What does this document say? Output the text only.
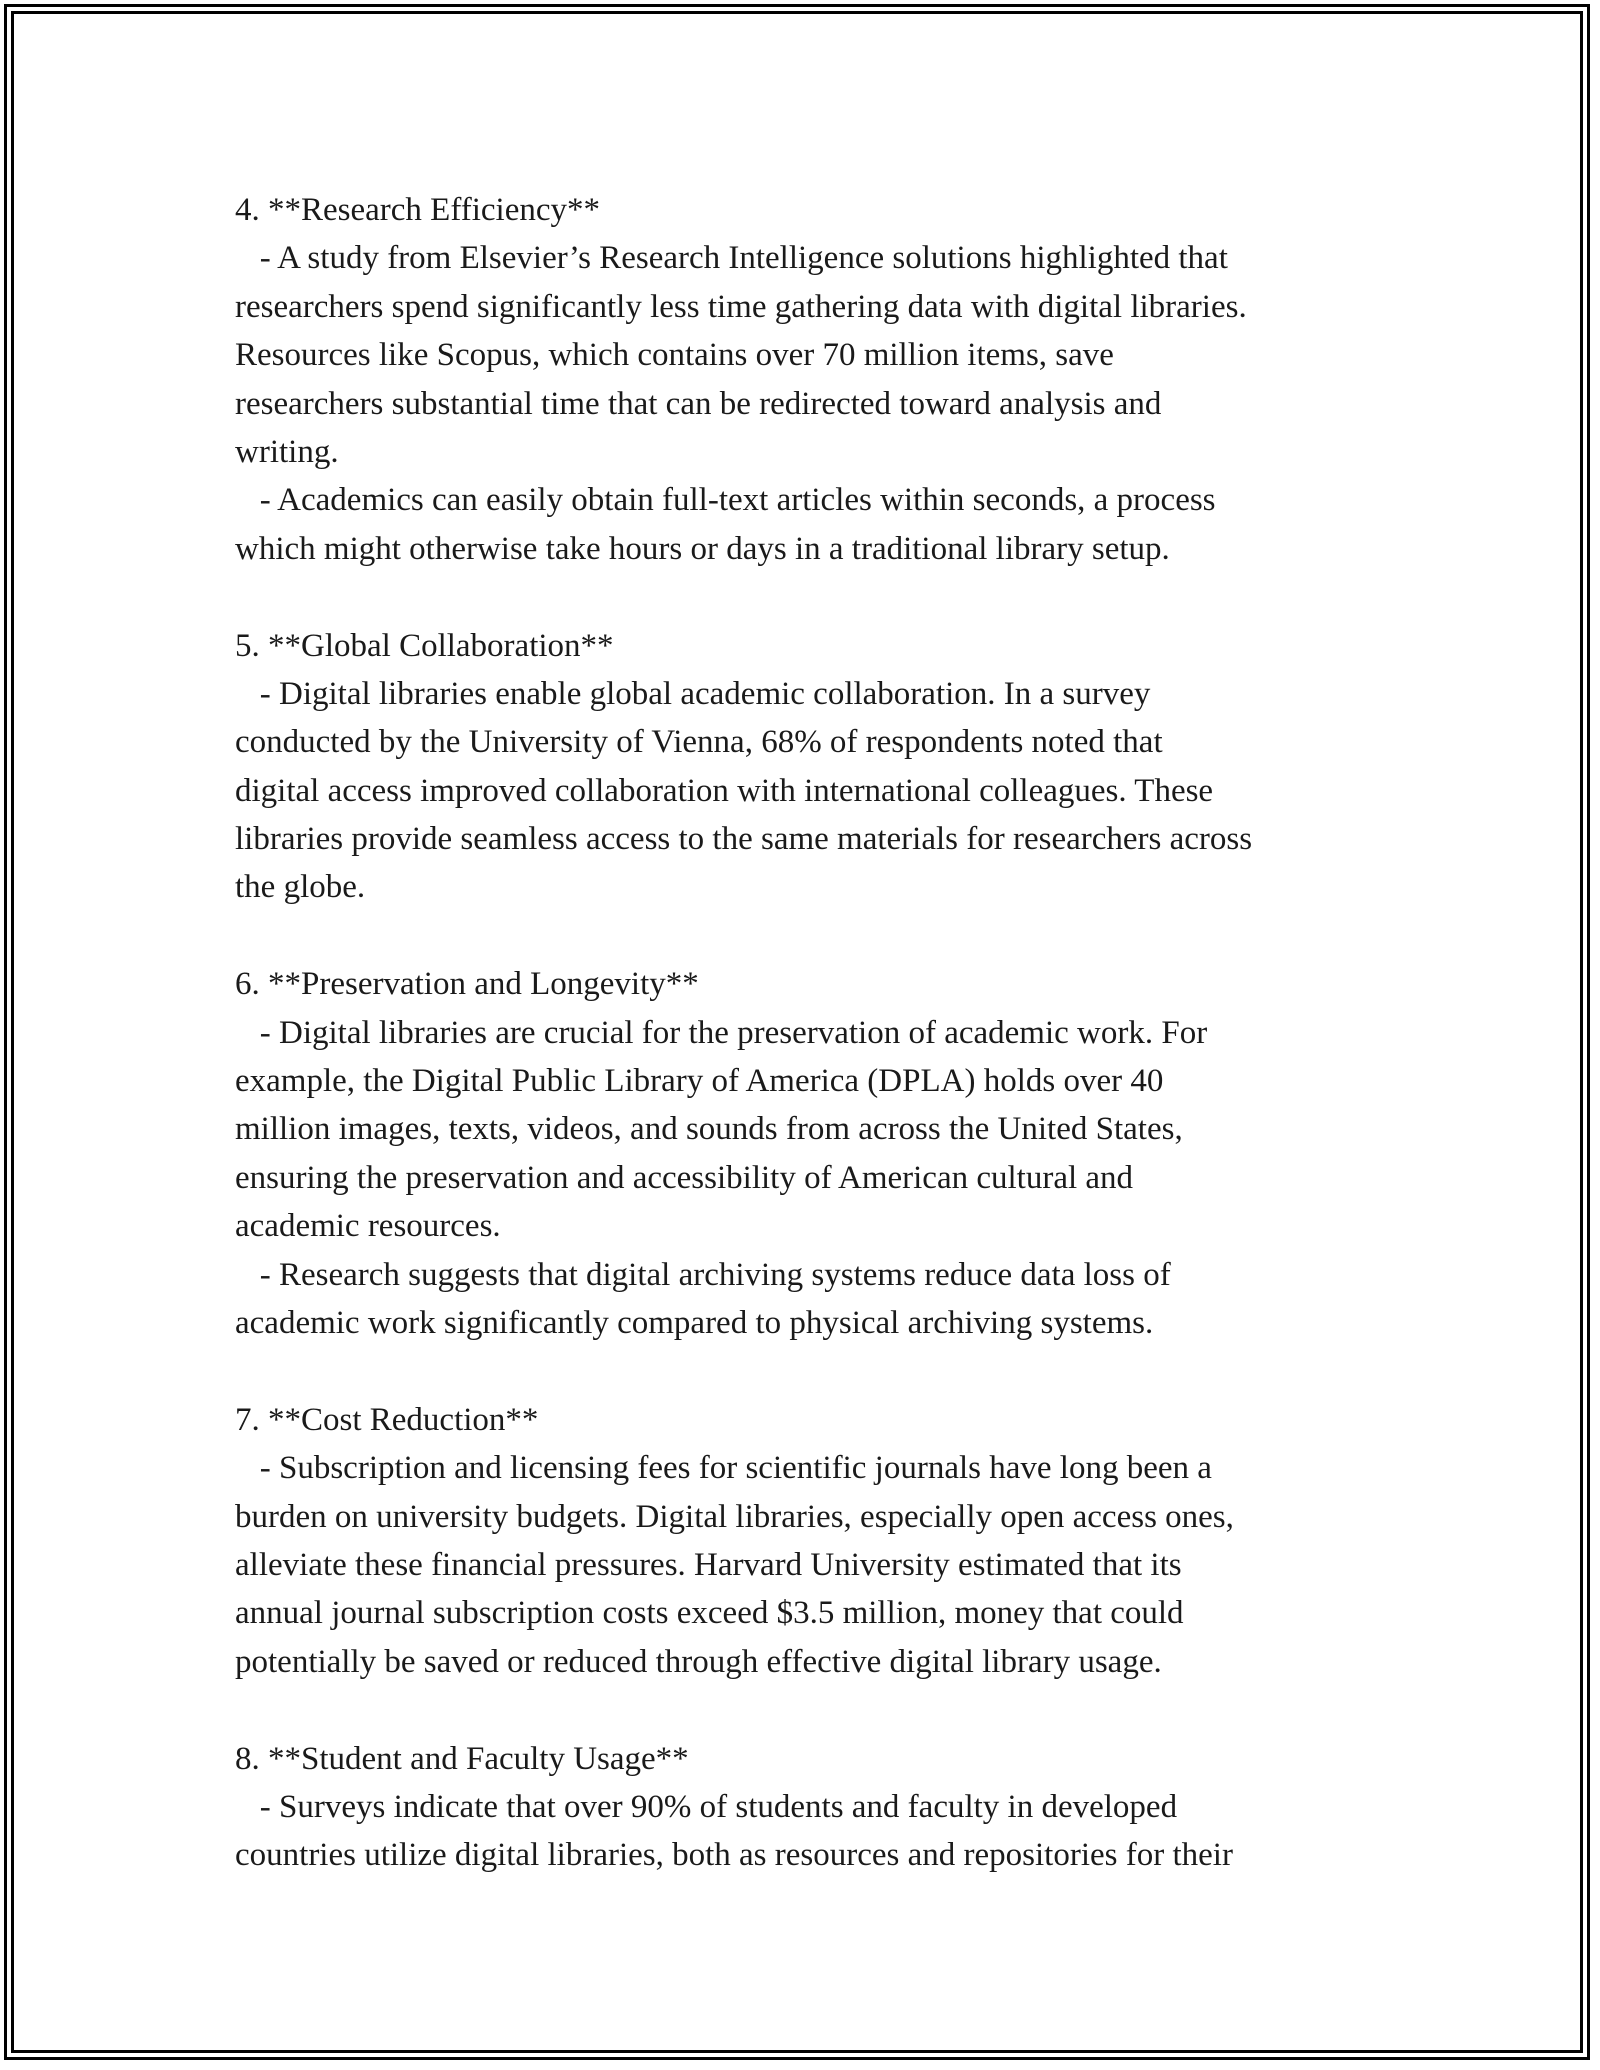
4. **Research Efficiency**
- A study from Elsevier’s Research Intelligence solutions highlighted that
researchers spend significantly less time gathering data with digital libraries.
Resources like Scopus, which contains over 70 million items, save
researchers substantial time that can be redirected toward analysis and
writing.
- Academics can easily obtain full-text articles within seconds, a process
which might otherwise take hours or days in a traditional library setup.
5. **Global Collaboration**
- Digital libraries enable global academic collaboration. In a survey
conducted by the University of Vienna, 68% of respondents noted that
digital access improved collaboration with international colleagues. These
libraries provide seamless access to the same materials for researchers across
the globe.
6. **Preservation and Longevity**
- Digital libraries are crucial for the preservation of academic work. For
example, the Digital Public Library of America (DPLA) holds over 40
million images, texts, videos, and sounds from across the United States,
ensuring the preservation and accessibility of American cultural and
academic resources.
- Research suggests that digital archiving systems reduce data loss of
academic work significantly compared to physical archiving systems.
7. **Cost Reduction**
- Subscription and licensing fees for scientific journals have long been a
burden on university budgets. Digital libraries, especially open access ones,
alleviate these financial pressures. Harvard University estimated that its
annual journal subscription costs exceed $3.5 million, money that could
potentially be saved or reduced through effective digital library usage.
8. **Student and Faculty Usage**
- Surveys indicate that over 90% of students and faculty in developed
countries utilize digital libraries, both as resources and repositories for their
